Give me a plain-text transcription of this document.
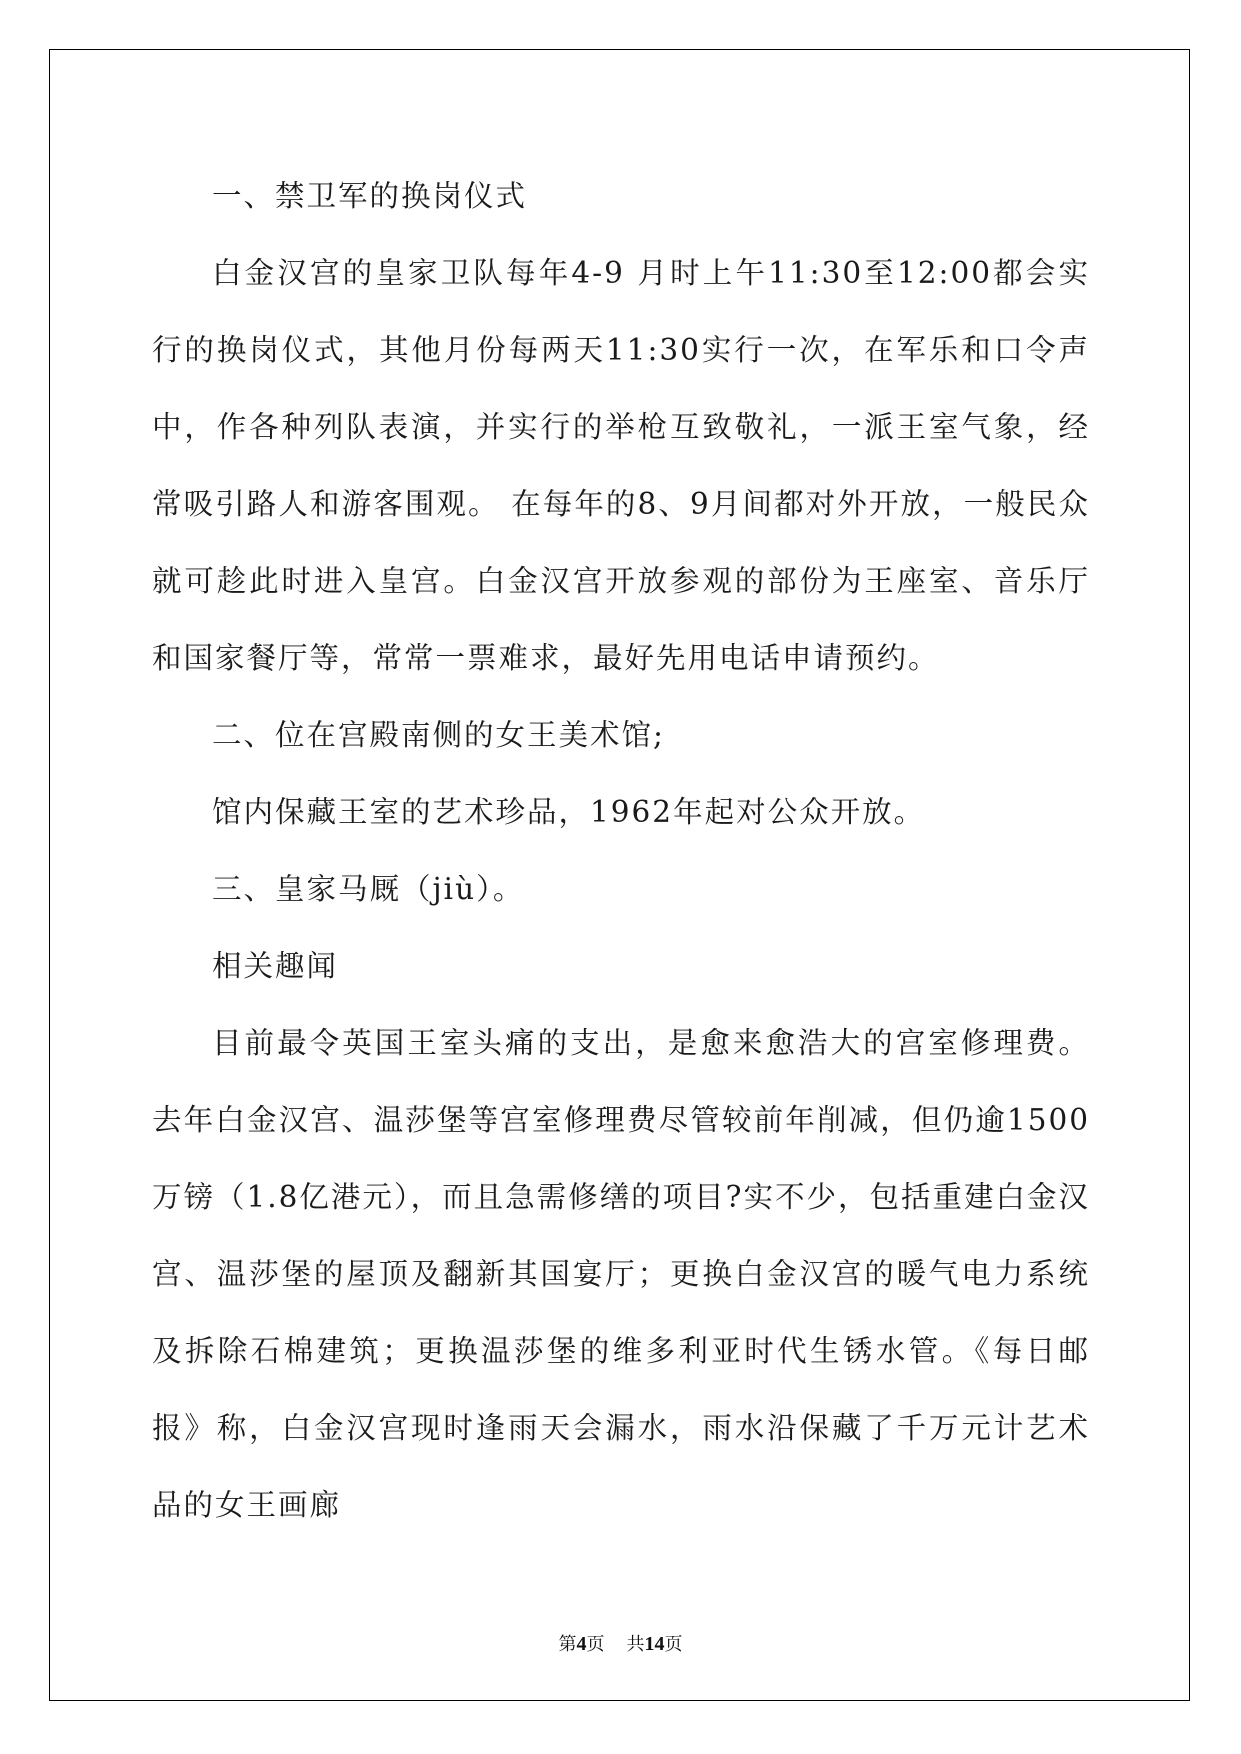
一、禁卫军的换岗仪式

白金汉宫的皇家卫队每年4-9 月时上午11:30至12:00都会实行的换岗仪式，其他月份每两天11:30实行一次，在军乐和口令声中，作各种列队表演，并实行的举枪互致敬礼，一派王室气象，经常吸引路人和游客围观。 在每年的8、9月间都对外开放，一般民众就可趁此时进入皇宫。白金汉宫开放参观的部份为王座室、音乐厅和国家餐厅等，常常一票难求，最好先用电话申请预约。

二、位在宫殿南侧的女王美术馆;

馆内保藏王室的艺术珍品，1962年起对公众开放。

三、皇家马厩（jiù）。

相关趣闻

目前最令英国王室头痛的支出，是愈来愈浩大的宫室修理费。去年白金汉宫、温莎堡等宫室修理费尽管较前年削减，但仍逾1500万镑（1.8亿港元），而且急需修缮的项目?实不少，包括重建白金汉宫、温莎堡的屋顶及翻新其国宴厅；更换白金汉宫的暖气电力系统及拆除石棉建筑；更换温莎堡的维多利亚时代生锈水管。《每日邮报》称，白金汉宫现时逢雨天会漏水，雨水沿保藏了千万元计艺术品的女王画廊

第4页 共14页
